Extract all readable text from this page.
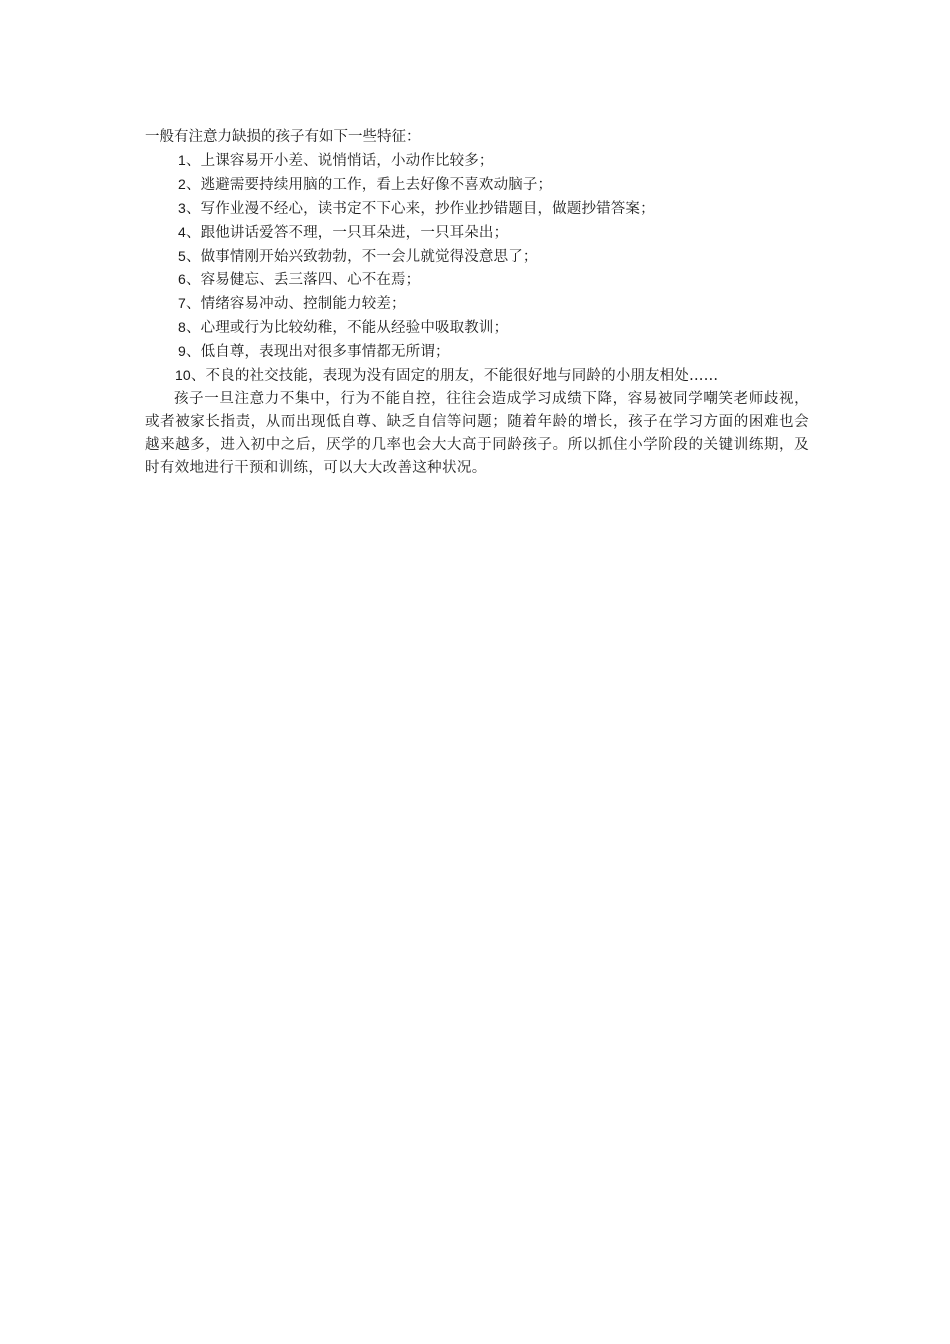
一般有注意力缺损的孩子有如下一些特征：

1、上课容易开小差、说悄悄话，小动作比较多；
2、逃避需要持续用脑的工作，看上去好像不喜欢动脑子；
3、写作业漫不经心，读书定不下心来，抄作业抄错题目，做题抄错答案；
4、跟他讲话爱答不理，一只耳朵进，一只耳朵出；
5、做事情刚开始兴致勃勃，不一会儿就觉得没意思了；
6、容易健忘、丢三落四、心不在焉；
7、情绪容易冲动、控制能力较差；
8、心理或行为比较幼稚，不能从经验中吸取教训；
9、低自尊，表现出对很多事情都无所谓；
10、不良的社交技能，表现为没有固定的朋友，不能很好地与同龄的小朋友相处……

孩子一旦注意力不集中，行为不能自控，往往会造成学习成绩下降，容易被同学嘲笑老师歧视，或者被家长指责，从而出现低自尊、缺乏自信等问题；随着年龄的增长，孩子在学习方面的困难也会越来越多，进入初中之后，厌学的几率也会大大高于同龄孩子。所以抓住小学阶段的关键训练期，及时有效地进行干预和训练，可以大大改善这种状况。
